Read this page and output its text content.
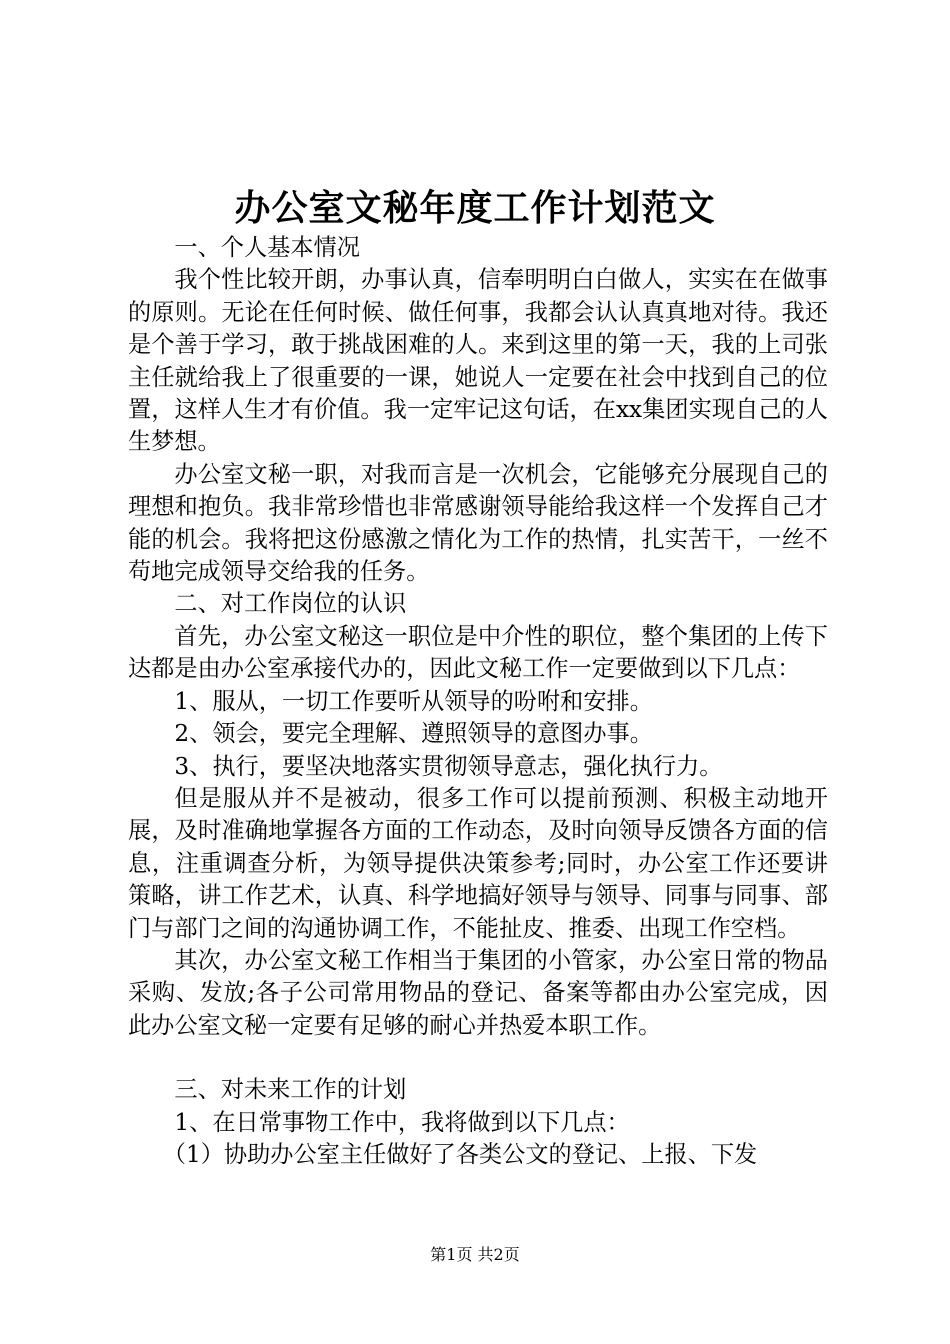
办公室文秘年度工作计划范文

一、个人基本情况

我个性比较开朗，办事认真，信奉明明白白做人，实实在在做事的原则。无论在任何时候、做任何事，我都会认认真真地对待。我还是个善于学习，敢于挑战困难的人。来到这里的第一天，我的上司张主任就给我上了很重要的一课，她说人一定要在社会中找到自己的位置，这样人生才有价值。我一定牢记这句话，在xx集团实现自己的人生梦想。

办公室文秘一职，对我而言是一次机会，它能够充分展现自己的理想和抱负。我非常珍惜也非常感谢领导能给我这样一个发挥自己才能的机会。我将把这份感激之情化为工作的热情，扎实苦干，一丝不苟地完成领导交给我的任务。

二、对工作岗位的认识

首先，办公室文秘这一职位是中介性的职位，整个集团的上传下达都是由办公室承接代办的，因此文秘工作一定要做到以下几点：

1、服从，一切工作要听从领导的吩咐和安排。

2、领会，要完全理解、遵照领导的意图办事。

3、执行，要坚决地落实贯彻领导意志，强化执行力。

但是服从并不是被动，很多工作可以提前预测、积极主动地开展，及时准确地掌握各方面的工作动态，及时向领导反馈各方面的信息，注重调查分析，为领导提供决策参考;同时，办公室工作还要讲策略，讲工作艺术，认真、科学地搞好领导与领导、同事与同事、部门与部门之间的沟通协调工作，不能扯皮、推委、出现工作空档。

其次，办公室文秘工作相当于集团的小管家，办公室日常的物品采购、发放;各子公司常用物品的登记、备案等都由办公室完成，因此办公室文秘一定要有足够的耐心并热爱本职工作。

三、对未来工作的计划

1、在日常事物工作中，我将做到以下几点：

（1）协助办公室主任做好了各类公文的登记、上报、下发

第1页 共2页
